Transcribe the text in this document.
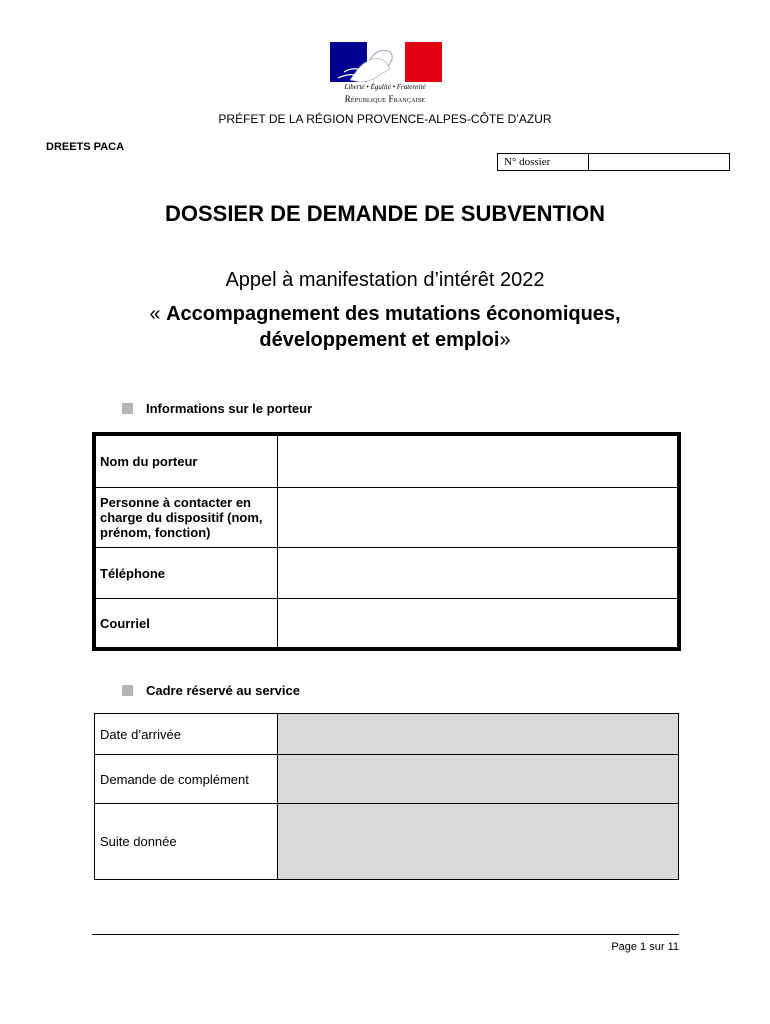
Liberté • Égalité • Fraternité
République Française
PRÉFET DE LA RÉGION PROVENCE-ALPES-CÔTE D’AZUR
DREETS PACA
N° dossier
DOSSIER DE DEMANDE DE SUBVENTION
Appel à manifestation d’intérêt 2022
« Accompagnement des mutations économiques,
développement et emploi»
Informations sur le porteur
Nom du porteur
Personne à contacter en charge du dispositif (nom, prénom, fonction)
Téléphone
Courriel
Cadre réservé au service
Date d’arrivée
Demande de complément
Suite donnée
Page 1 sur 11
